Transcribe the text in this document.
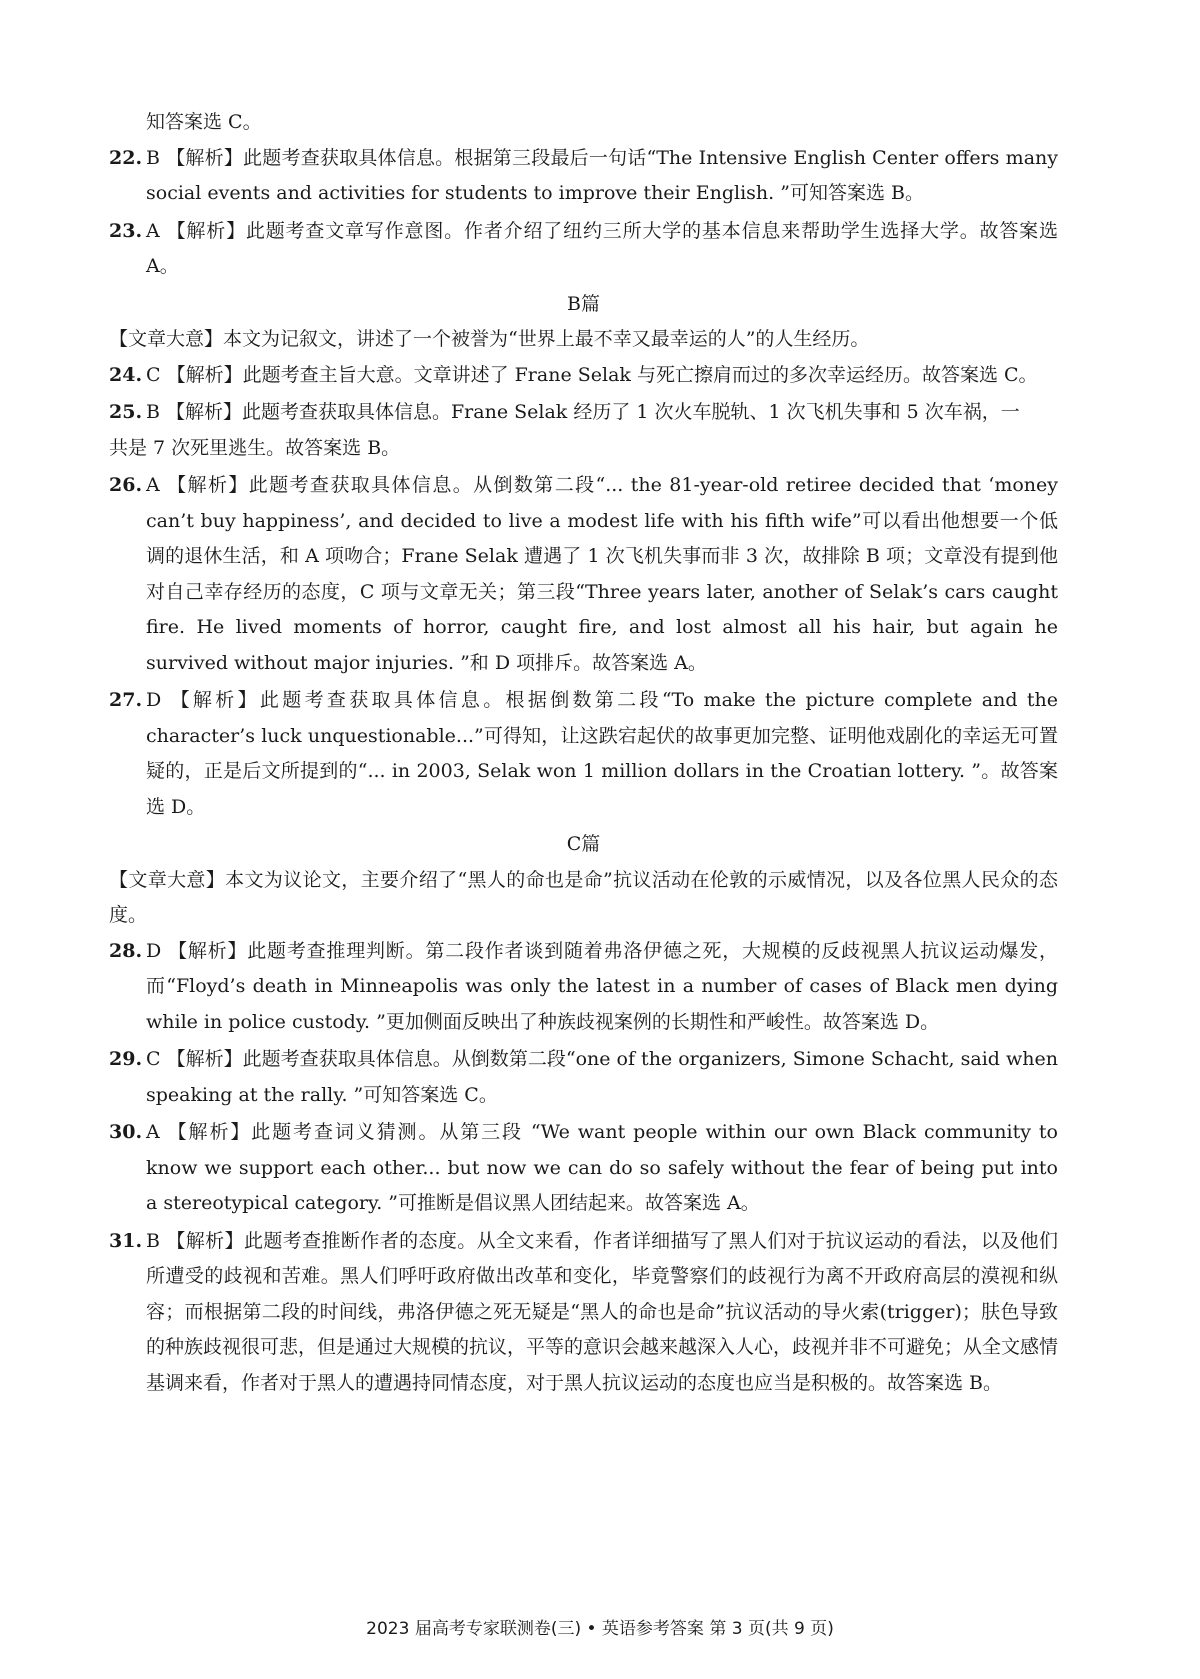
知答案选 C。
22. B 【解析】此题考查获取具体信息。根据第三段最后一句话“The Intensive English Center offers many social events and activities for students to improve their English. ”可知答案选 B。
23. A 【解析】此题考查文章写作意图。作者介绍了纽约三所大学的基本信息来帮助学生选择大学。故答案选 A。
B篇
【文章大意】本文为记叙文，讲述了一个被誉为“世界上最不幸又最幸运的人”的人生经历。
24. C 【解析】此题考查主旨大意。文章讲述了 Frane Selak 与死亡擦肩而过的多次幸运经历。故答案选 C。
25. B 【解析】此题考查获取具体信息。Frane Selak 经历了 1 次火车脱轨、1 次飞机失事和 5 次车祸，一
共是 7 次死里逃生。故答案选 B。
26. A 【解析】此题考查获取具体信息。从倒数第二段“... the 81-year-old retiree decided that ‘money can’t buy happiness’, and decided to live a modest life with his fifth wife”可以看出他想要一个低调的退休生活，和 A 项吻合；Frane Selak 遭遇了 1 次飞机失事而非 3 次，故排除 B 项；文章没有提到他对自己幸存经历的态度，C 项与文章无关；第三段“Three years later, another of Selak’s cars caught fire. He lived moments of horror, caught fire, and lost almost all his hair, but again he survived without major injuries. ”和 D 项排斥。故答案选 A。
27. D 【解析】此题考查获取具体信息。根据倒数第二段“To make the picture complete and the character’s luck unquestionable...”可得知，让这跌宕起伏的故事更加完整、证明他戏剧化的幸运无可置疑的，正是后文所提到的“... in 2003, Selak won 1 million dollars in the Croatian lottery. ”。故答案选 D。
C篇
【文章大意】本文为议论文，主要介绍了“黑人的命也是命”抗议活动在伦敦的示威情况，以及各位黑人民众的态度。
28. D 【解析】此题考查推理判断。第二段作者谈到随着弗洛伊德之死，大规模的反歧视黑人抗议运动爆发，而“Floyd’s death in Minneapolis was only the latest in a number of cases of Black men dying while in police custody. ”更加侧面反映出了种族歧视案例的长期性和严峻性。故答案选 D。
29. C 【解析】此题考查获取具体信息。从倒数第二段“one of the organizers, Simone Schacht, said when speaking at the rally. ”可知答案选 C。
30. A 【解析】此题考查词义猜测。从第三段 “We want people within our own Black community to know we support each other... but now we can do so safely without the fear of being put into a stereotypical category. ”可推断是倡议黑人团结起来。故答案选 A。
31. B 【解析】此题考查推断作者的态度。从全文来看，作者详细描写了黑人们对于抗议运动的看法，以及他们所遭受的歧视和苦难。黑人们呼吁政府做出改革和变化，毕竟警察们的歧视行为离不开政府高层的漠视和纵容；而根据第二段的时间线，弗洛伊德之死无疑是“黑人的命也是命”抗议活动的导火索(trigger)；肤色导致的种族歧视很可悲，但是通过大规模的抗议，平等的意识会越来越深入人心，歧视并非不可避免；从全文感情基调来看，作者对于黑人的遭遇持同情态度，对于黑人抗议运动的态度也应当是积极的。故答案选 B。
2023 届高考专家联测卷(三) • 英语参考答案 第 3 页(共 9 页)
